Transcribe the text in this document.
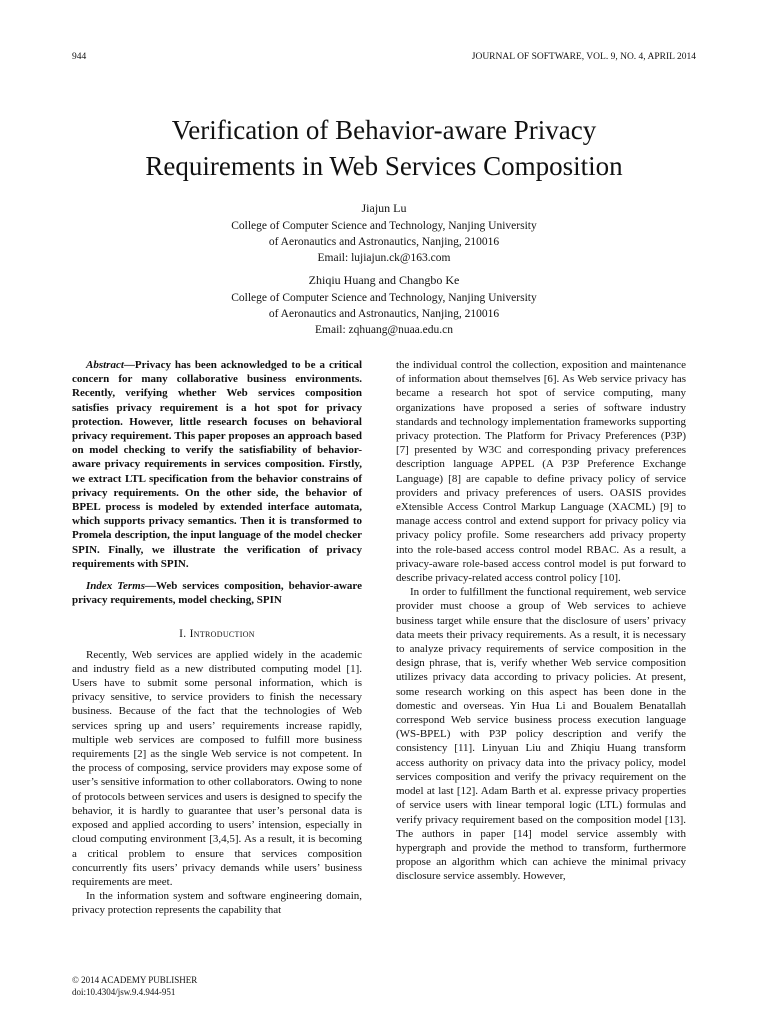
944	JOURNAL OF SOFTWARE, VOL. 9, NO. 4, APRIL 2014
Verification of Behavior-aware Privacy
Requirements in Web Services Composition
Jiajun Lu
College of Computer Science and Technology, Nanjing University
of Aeronautics and Astronautics, Nanjing, 210016
Email: lujiajun.ck@163.com
Zhiqiu Huang and Changbo Ke
College of Computer Science and Technology, Nanjing University
of Aeronautics and Astronautics, Nanjing, 210016
Email: zqhuang@nuaa.edu.cn

Abstract—Privacy has been acknowledged to be a critical concern for many collaborative business environments. Recently, verifying whether Web services composition satisfies privacy requirement is a hot spot for privacy protection. However, little research focuses on behavioral privacy requirement. This paper proposes an approach based on model checking to verify the satisfiability of behavior-aware privacy requirements in services composition. Firstly, we extract LTL specification from the behavior constrains of privacy requirements. On the other side, the behavior of BPEL process is modeled by extended interface automata, which supports privacy semantics. Then it is transformed to Promela description, the input language of the model checker SPIN. Finally, we illustrate the verification of privacy requirements with SPIN.

Index Terms—Web services composition, behavior-aware privacy requirements, model checking, SPIN

I. Introduction

Recently, Web services are applied widely in the academic and industry field as a new distributed computing model [1]. Users have to submit some personal information, which is privacy sensitive, to service providers to finish the necessary business. Because of the fact that the technologies of Web services spring up and users’ requirements increase rapidly, multiple web services are composed to fulfill more business requirements [2] as the single Web service is not competent. In the process of composing, service providers may expose some of user’s sensitive information to other collaborators. Owing to none of protocols between services and users is designed to specify the behavior, it is hardly to guarantee that user’s personal data is exposed and applied according to users’ intension, especially in cloud computing environment [3,4,5]. As a result, it is becoming a critical problem to ensure that services composition concurrently fits users’ privacy demands while users’ business requirements are meet.

In the information system and software engineering domain, privacy protection represents the capability that

the individual control the collection, exposition and maintenance of information about themselves [6]. As Web service privacy has became a research hot spot of service computing, many organizations have proposed a series of software industry standards and technology implementation frameworks supporting privacy protection. The Platform for Privacy Preferences (P3P) [7] presented by W3C and corresponding privacy preferences description language APPEL (A P3P Preference Exchange Language) [8] are capable to define privacy policy of service providers and privacy preferences of users. OASIS provides eXtensible Access Control Markup Language (XACML) [9] to manage access control and extend support for privacy policy via privacy policy profile. Some researchers add privacy property into the role-based access control model RBAC. As a result, a privacy-aware role-based access control model is put forward to describe privacy-related access control policy [10].

In order to fulfillment the functional requirement, web service provider must choose a group of Web services to achieve business target while ensure that the disclosure of users’ privacy data meets their privacy requirements. As a result, it is necessary to analyze privacy requirements of service composition in the design phrase, that is, verify whether Web service composition utilizes privacy data according to privacy policies. At present, some research working on this aspect has been done in the domestic and overseas. Yin Hua Li and Boualem Benatallah correspond Web service business process execution language (WS-BPEL) with P3P policy description and verify the consistency [11]. Linyuan Liu and Zhiqiu Huang transform access authority on privacy data into the privacy policy, model services composition and verify the privacy requirement on the model at last [12]. Adam Barth et al. expresse privacy properties of service users with linear temporal logic (LTL) formulas and verify privacy requirement based on the composition model [13]. The authors in paper [14] model service assembly with hypergraph and provide the method to transform, furthermore propose an algorithm which can achieve the minimal privacy disclosure service assembly. However,

© 2014 ACADEMY PUBLISHER
doi:10.4304/jsw.9.4.944-951
